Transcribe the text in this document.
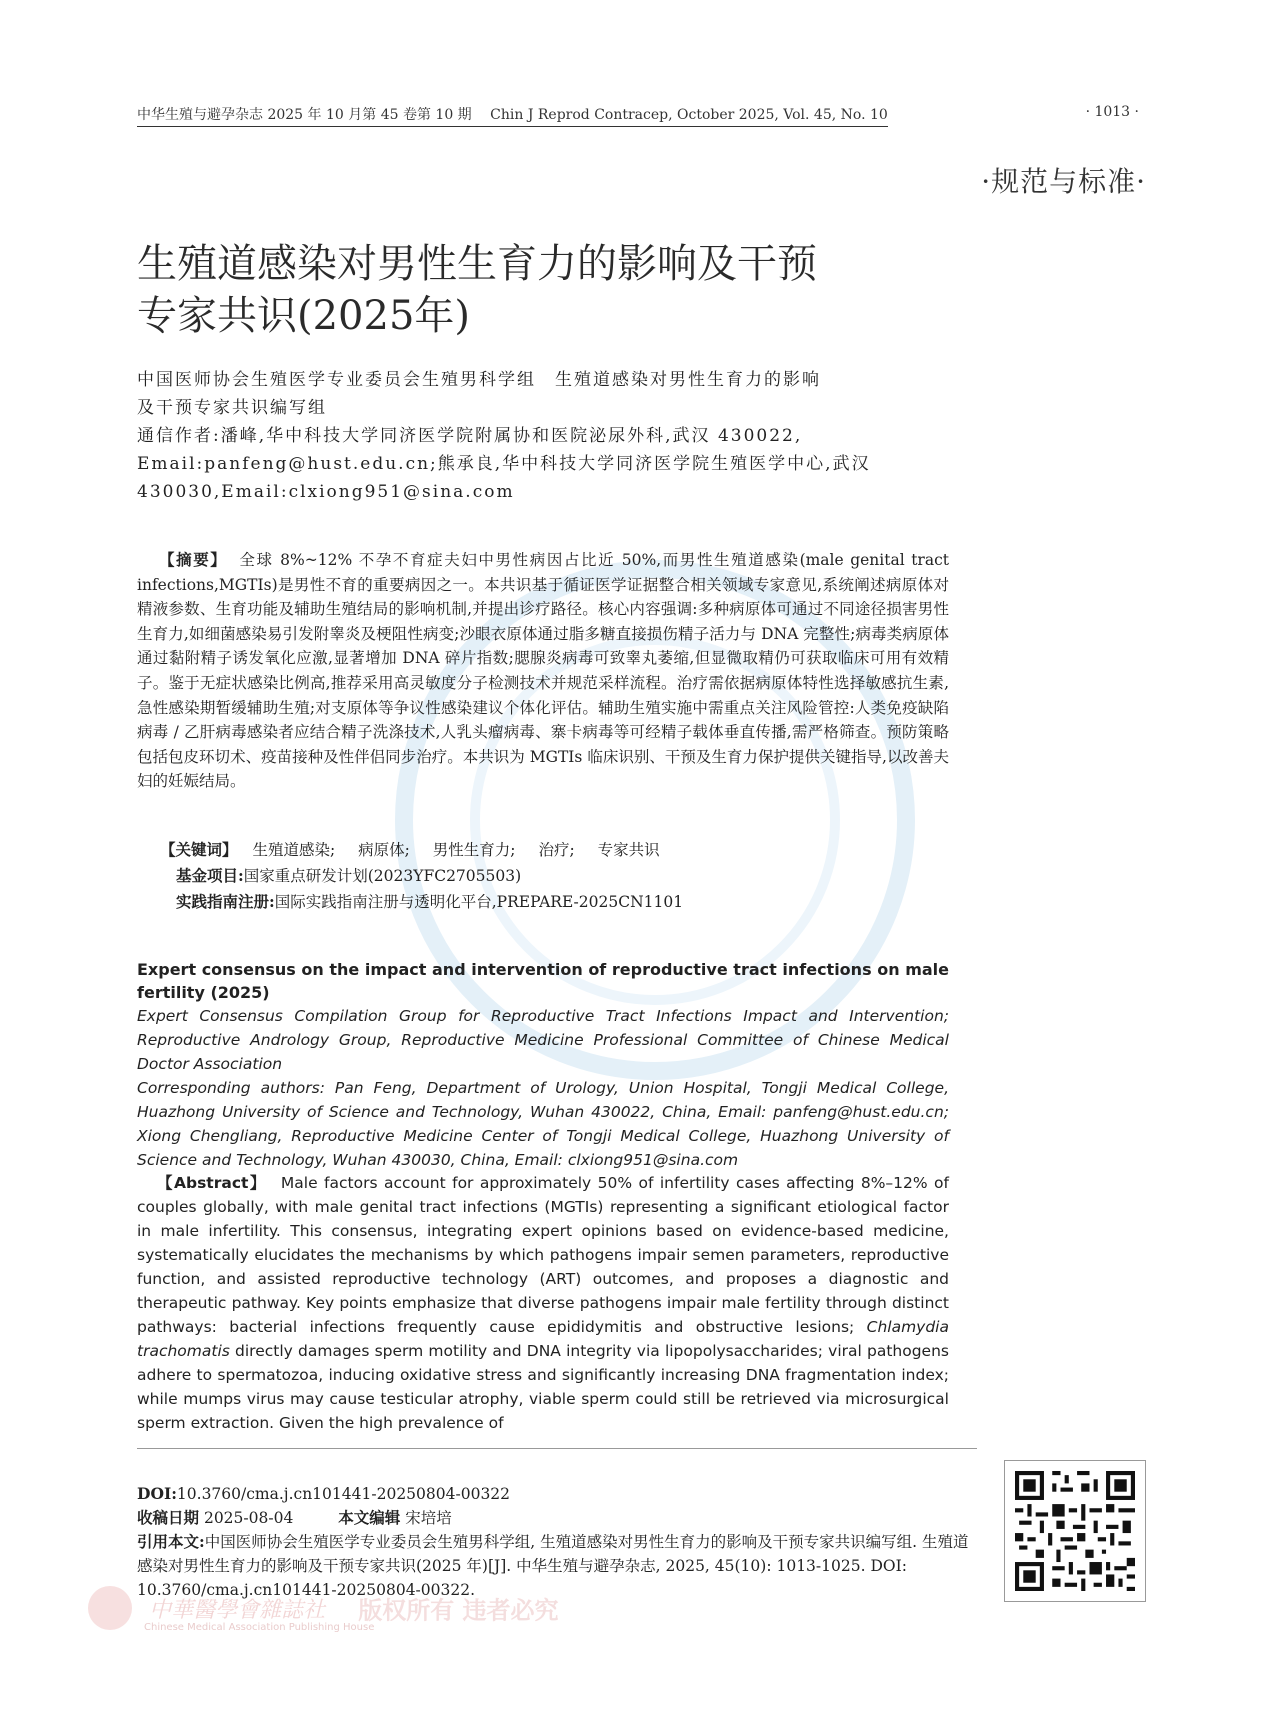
中华生殖与避孕杂志 2025 年 10 月第 45 卷第 10 期 Chin J Reprod Contracep, October 2025, Vol. 45, No. 10	· 1013 ·
·规范与标准·
生殖道感染对男性生育力的影响及干预
专家共识(2025年)

中国医师协会生殖医学专业委员会生殖男科学组　生殖道感染对男性生育力的影响

及干预专家共识编写组

通信作者:潘峰,华中科技大学同济医学院附属协和医院泌尿外科,武汉 430022,

Email:panfeng@hust.edu.cn;熊承良,华中科技大学同济医学院生殖医学中心,武汉

430030,Email:clxiong951@sina.com

【摘要】 全球 8%~12% 不孕不育症夫妇中男性病因占比近 50%,而男性生殖道感染(male genital tract infections,MGTIs)是男性不育的重要病因之一。本共识基于循证医学证据整合相关领域专家意见,系统阐述病原体对精液参数、生育功能及辅助生殖结局的影响机制,并提出诊疗路径。核心内容强调:多种病原体可通过不同途径损害男性生育力,如细菌感染易引发附睾炎及梗阻性病变;沙眼衣原体通过脂多糖直接损伤精子活力与 DNA 完整性;病毒类病原体通过黏附精子诱发氧化应激,显著增加 DNA 碎片指数;腮腺炎病毒可致睾丸萎缩,但显微取精仍可获取临床可用有效精子。鉴于无症状感染比例高,推荐采用高灵敏度分子检测技术并规范采样流程。治疗需依据病原体特性选择敏感抗生素,急性感染期暂缓辅助生殖;对支原体等争议性感染建议个体化评估。辅助生殖实施中需重点关注风险管控:人类免疫缺陷病毒 / 乙肝病毒感染者应结合精子洗涤技术,人乳头瘤病毒、寨卡病毒等可经精子载体垂直传播,需严格筛查。预防策略包括包皮环切术、疫苗接种及性伴侣同步治疗。本共识为 MGTIs 临床识别、干预及生育力保护提供关键指导,以改善夫妇的妊娠结局。

【关键词】 生殖道感染; 病原体; 男性生育力; 治疗; 专家共识
基金项目:国家重点研发计划(2023YFC2705503)
实践指南注册:国际实践指南注册与透明化平台,PREPARE-2025CN1101

Expert consensus on the impact and intervention of reproductive tract infections on male fertility (2025)

Expert Consensus Compilation Group for Reproductive Tract Infections Impact and Intervention; Reproductive Andrology Group, Reproductive Medicine Professional Committee of Chinese Medical Doctor Association

Corresponding authors: Pan Feng, Department of Urology, Union Hospital, Tongji Medical College, Huazhong University of Science and Technology, Wuhan 430022, China, Email: panfeng@hust.edu.cn; Xiong Chengliang, Reproductive Medicine Center of Tongji Medical College, Huazhong University of Science and Technology, Wuhan 430030, China, Email: clxiong951@sina.com

【Abstract】 Male factors account for approximately 50% of infertility cases affecting 8%–12% of couples globally, with male genital tract infections (MGTIs) representing a significant etiological factor in male infertility. This consensus, integrating expert opinions based on evidence-based medicine, systematically elucidates the mechanisms by which pathogens impair semen parameters, reproductive function, and assisted reproductive technology (ART) outcomes, and proposes a diagnostic and therapeutic pathway. Key points emphasize that diverse pathogens impair male fertility through distinct pathways: bacterial infections frequently cause epididymitis and obstructive lesions; Chlamydia trachomatis directly damages sperm motility and DNA integrity via lipopolysaccharides; viral pathogens adhere to spermatozoa, inducing oxidative stress and significantly increasing DNA fragmentation index; while mumps virus may cause testicular atrophy, viable sperm could still be retrieved via microsurgical sperm extraction. Given the high prevalence of

DOI:10.3760/cma.j.cn101441-20250804-00322
收稿日期 2025-08-04	本文编辑 宋培培
引用本文:中国医师协会生殖医学专业委员会生殖男科学组, 生殖道感染对男性生育力的影响及干预专家共识编写组. 生殖道感染对男性生育力的影响及干预专家共识(2025 年)[J]. 中华生殖与避孕杂志, 2025, 45(10): 1013-1025. DOI: 10.3760/cma.j.cn101441-20250804-00322.
中華醫學會雜誌社 版权所有 违者必究
Chinese Medical Association Publishing House
